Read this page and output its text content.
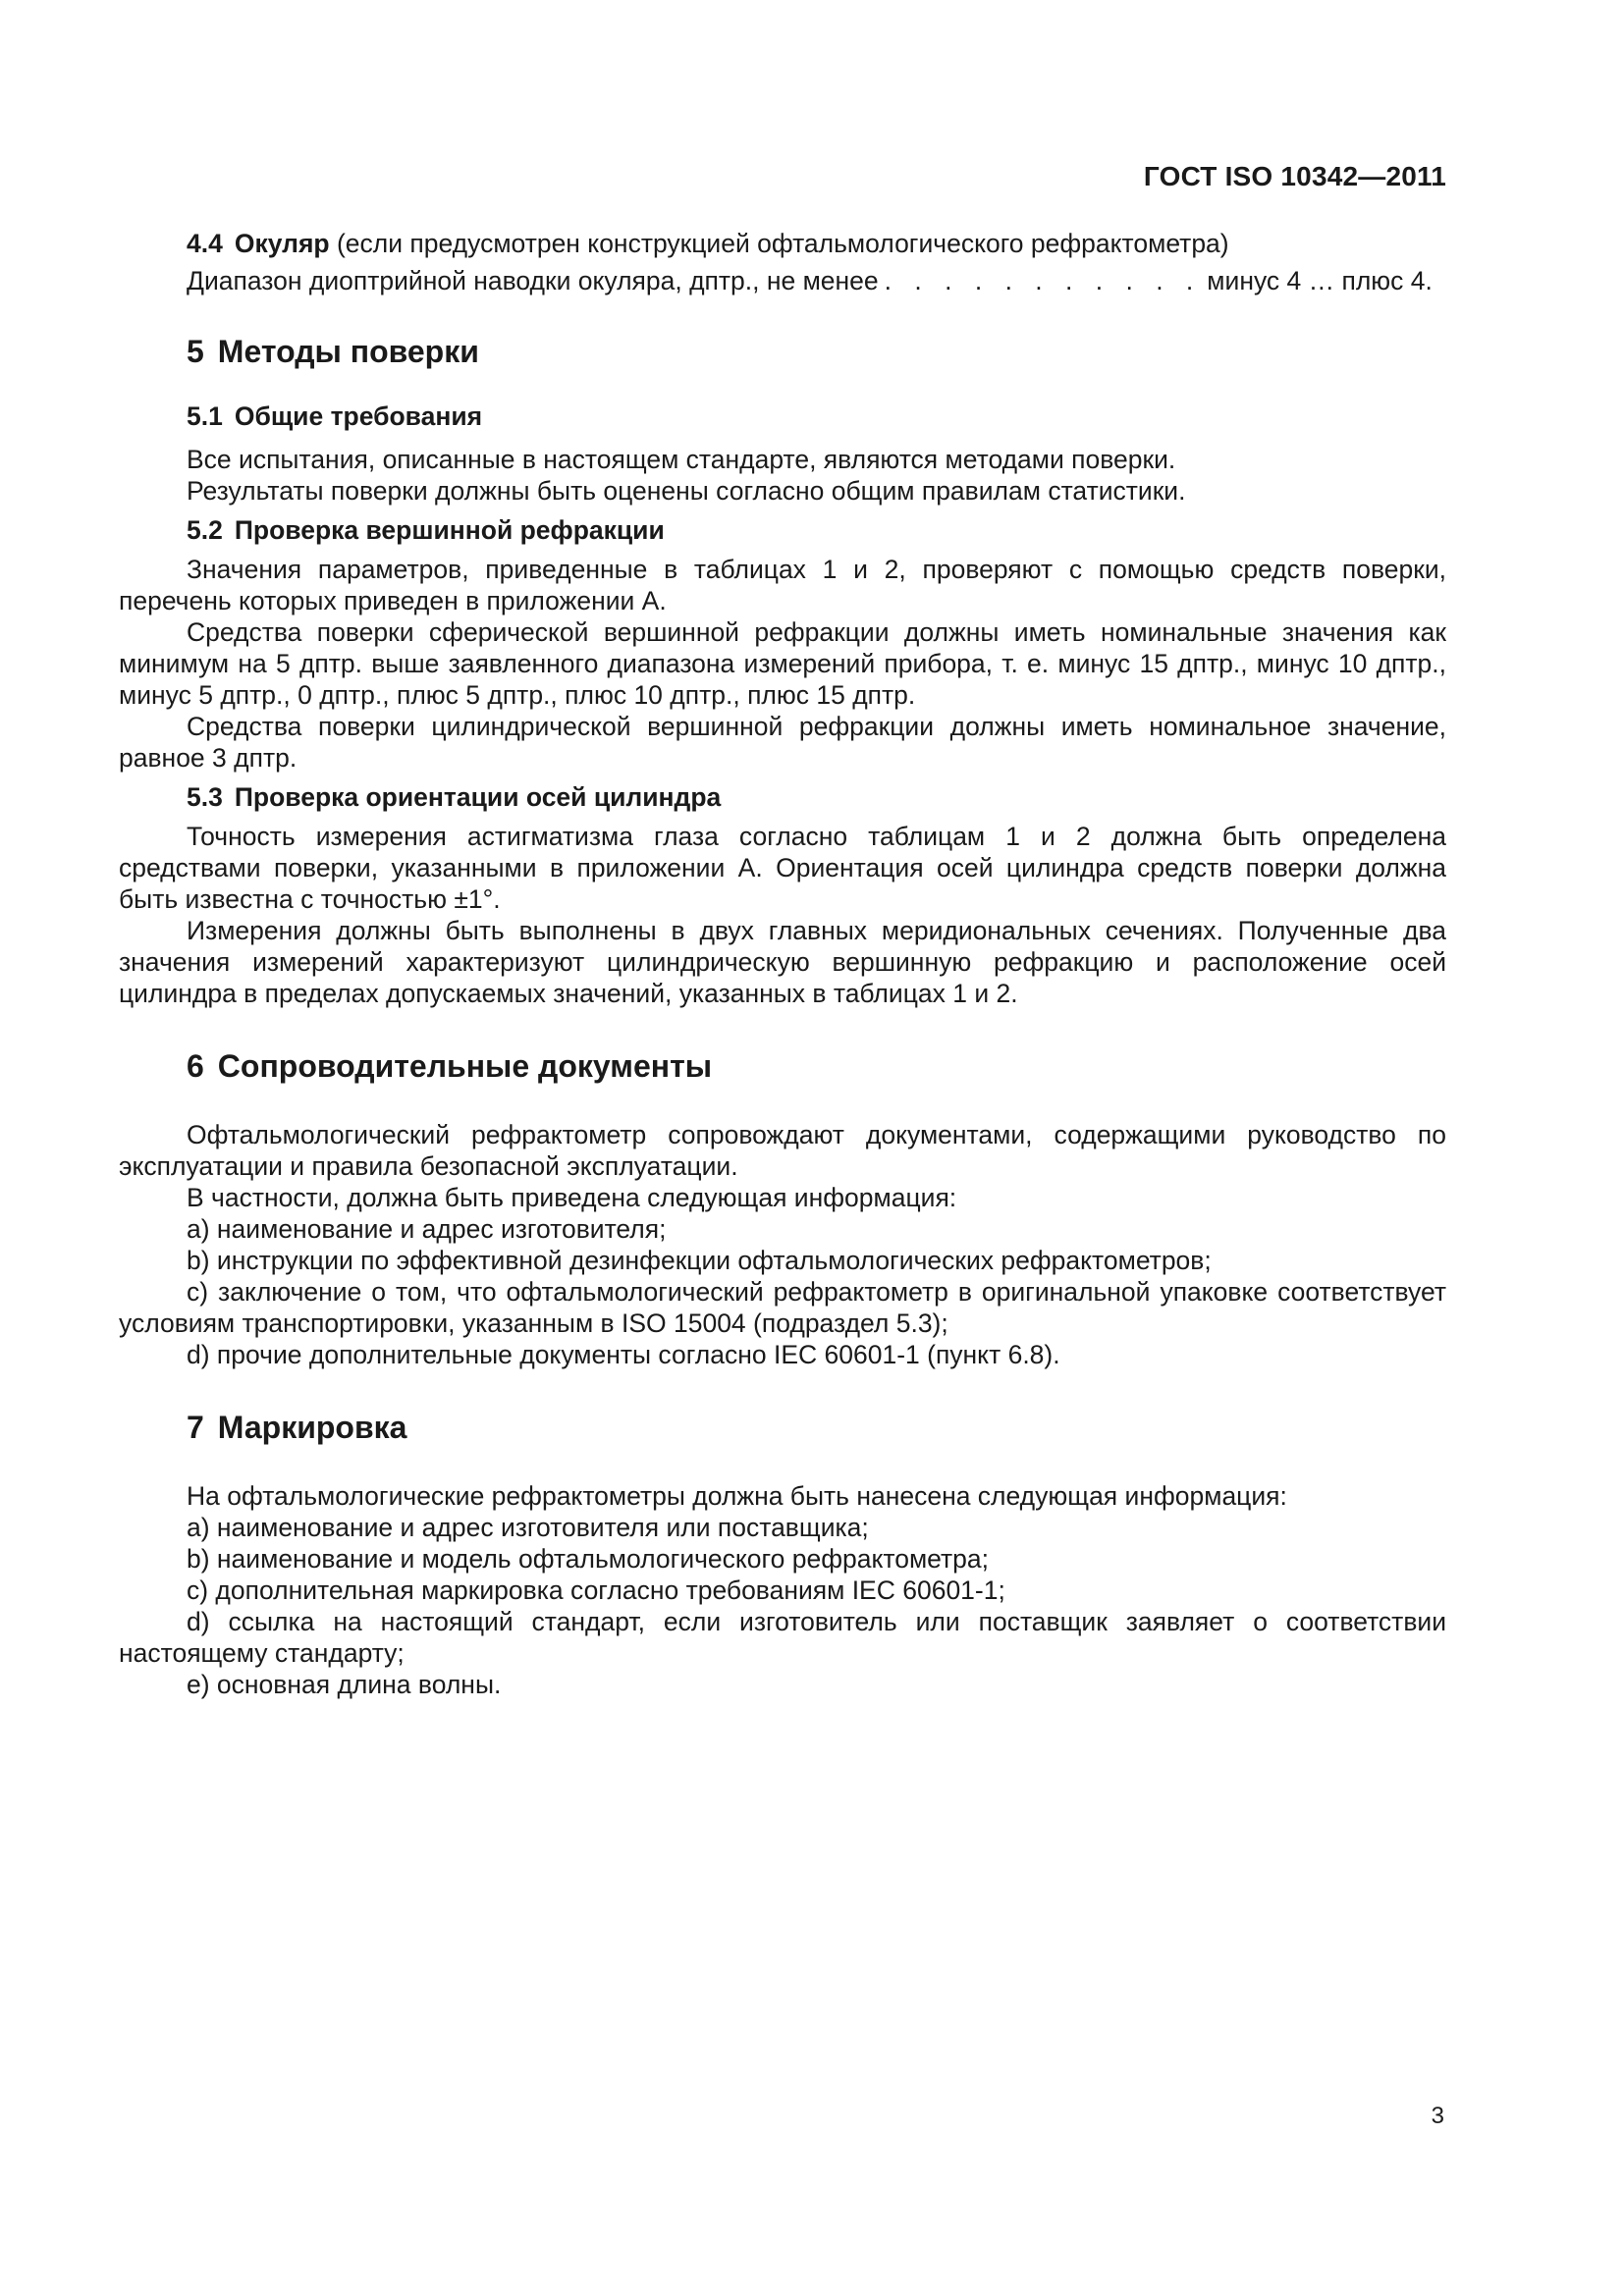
ГОСТ ISO 10342—2011

4.4 Окуляр (если предусмотрен конструкцией офтальмологического рефрактометра)

Диапазон диоптрийной наводки окуляра, дптр., не менее . . . . . . . . . . . минус 4 … плюс 4.
5 Методы поверки

5.1 Общие требования

Все испытания, описанные в настоящем стандарте, являются методами поверки.

Результаты поверки должны быть оценены согласно общим правилам статистики.

5.2 Проверка вершинной рефракции

Значения параметров, приведенные в таблицах 1 и 2, проверяют с помощью средств поверки, перечень которых приведен в приложении А.

Средства поверки сферической вершинной рефракции должны иметь номинальные значения как минимум на 5 дптр. выше заявленного диапазона измерений прибора, т. е. минус 15 дптр., минус 10 дптр., минус 5 дптр., 0 дптр., плюс 5 дптр., плюс 10 дптр., плюс 15 дптр.

Средства поверки цилиндрической вершинной рефракции должны иметь номинальное значение, равное 3 дптр.

5.3 Проверка ориентации осей цилиндра

Точность измерения астигматизма глаза согласно таблицам 1 и 2 должна быть определена средствами поверки, указанными в приложении А. Ориентация осей цилиндра средств поверки должна быть известна с точностью ±1°.

Измерения должны быть выполнены в двух главных меридиональных сечениях. Полученные два значения измерений характеризуют цилиндрическую вершинную рефракцию и расположение осей цилиндра в пределах допускаемых значений, указанных в таблицах 1 и 2.

6 Сопроводительные документы

Офтальмологический рефрактометр сопровождают документами, содержащими руководство по эксплуатации и правила безопасной эксплуатации.

В частности, должна быть приведена следующая информация:

a) наименование и адрес изготовителя;

b) инструкции по эффективной дезинфекции офтальмологических рефрактометров;

c) заключение о том, что офтальмологический рефрактометр в оригинальной упаковке соответствует условиям транспортировки, указанным в ISO 15004 (подраздел 5.3);

d) прочие дополнительные документы согласно IEC 60601-1 (пункт 6.8).

7 Маркировка

На офтальмологические рефрактометры должна быть нанесена следующая информация:

a) наименование и адрес изготовителя или поставщика;

b) наименование и модель офтальмологического рефрактометра;

c) дополнительная маркировка согласно требованиям IEC 60601-1;

d) ссылка на настоящий стандарт, если изготовитель или поставщик заявляет о соответствии настоящему стандарту;

e) основная длина волны.

3
